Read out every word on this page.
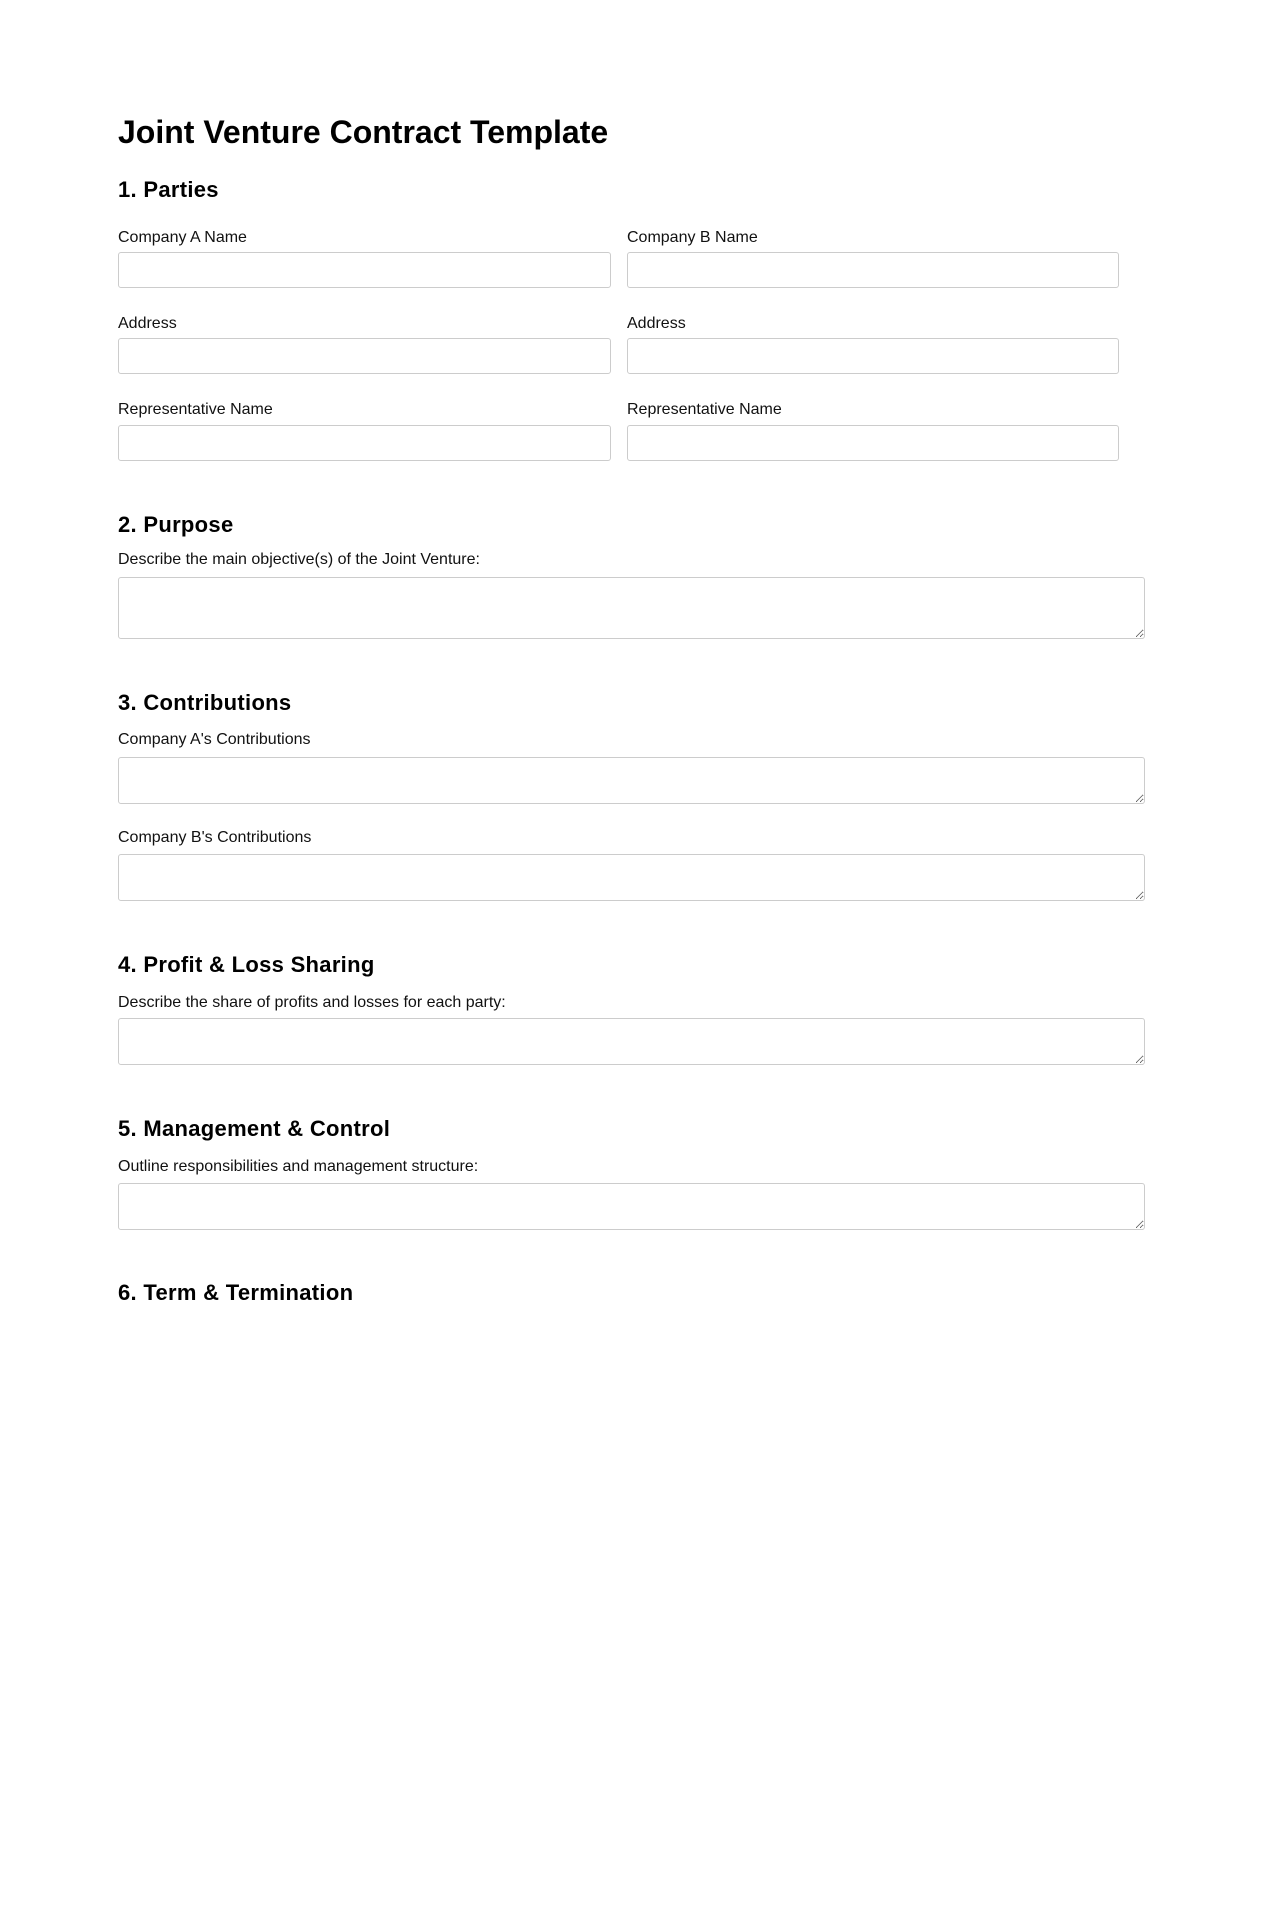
Joint Venture Contract Template
1. Parties
Company A Name	Company B Name
Address	Address
Representative Name	Representative Name
2. Purpose
Describe the main objective(s) of the Joint Venture:
3. Contributions
Company A's Contributions
Company B's Contributions
4. Profit & Loss Sharing
Describe the share of profits and losses for each party:
5. Management & Control
Outline responsibilities and management structure:
6. Term & Termination
